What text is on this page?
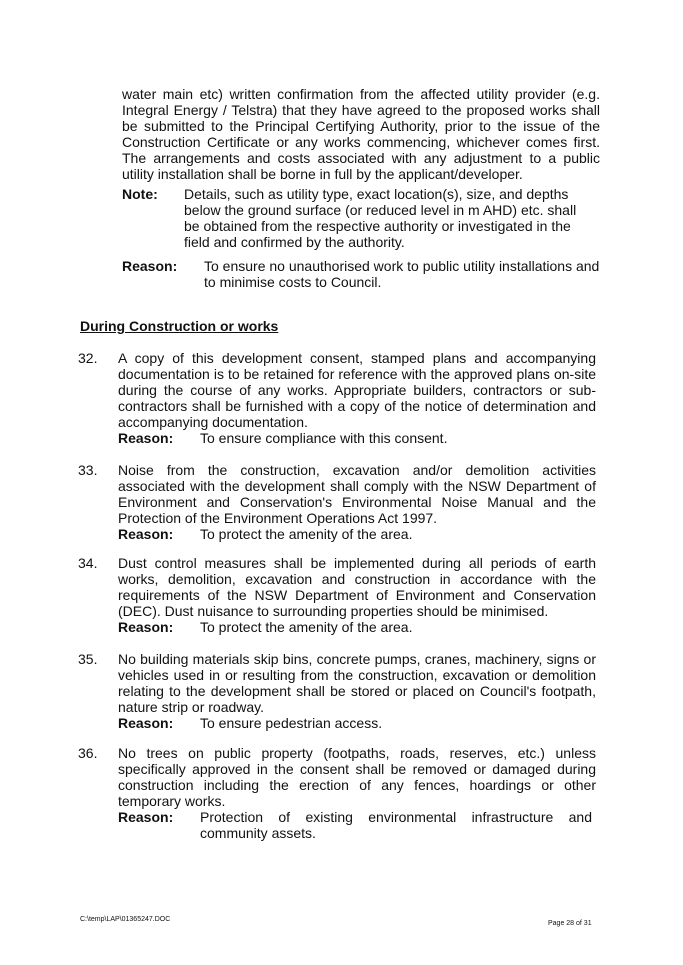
water main etc) written confirmation from the affected utility provider (e.g. Integral Energy / Telstra) that they have agreed to the proposed works shall be submitted to the Principal Certifying Authority, prior to the issue of the Construction Certificate or any works commencing, whichever comes first. The arrangements and costs associated with any adjustment to a public utility installation shall be borne in full by the applicant/developer.
Note: Details, such as utility type, exact location(s), size, and depths below the ground surface (or reduced level in m AHD) etc. shall be obtained from the respective authority or investigated in the field and confirmed by the authority.
Reason: To ensure no unauthorised work to public utility installations and to minimise costs to Council.
During Construction or works
32. A copy of this development consent, stamped plans and accompanying documentation is to be retained for reference with the approved plans on-site during the course of any works. Appropriate builders, contractors or sub-contractors shall be furnished with a copy of the notice of determination and accompanying documentation.
Reason: To ensure compliance with this consent.
33. Noise from the construction, excavation and/or demolition activities associated with the development shall comply with the NSW Department of Environment and Conservation's Environmental Noise Manual and the Protection of the Environment Operations Act 1997.
Reason: To protect the amenity of the area.
34. Dust control measures shall be implemented during all periods of earth works, demolition, excavation and construction in accordance with the requirements of the NSW Department of Environment and Conservation (DEC). Dust nuisance to surrounding properties should be minimised.
Reason: To protect the amenity of the area.
35. No building materials skip bins, concrete pumps, cranes, machinery, signs or vehicles used in or resulting from the construction, excavation or demolition relating to the development shall be stored or placed on Council's footpath, nature strip or roadway.
Reason: To ensure pedestrian access.
36. No trees on public property (footpaths, roads, reserves, etc.) unless specifically approved in the consent shall be removed or damaged during construction including the erection of any fences, hoardings or other temporary works.
Reason: Protection of existing environmental infrastructure and community assets.
C:\temp\LAP\01365247.DOC
Page 28 of 31
